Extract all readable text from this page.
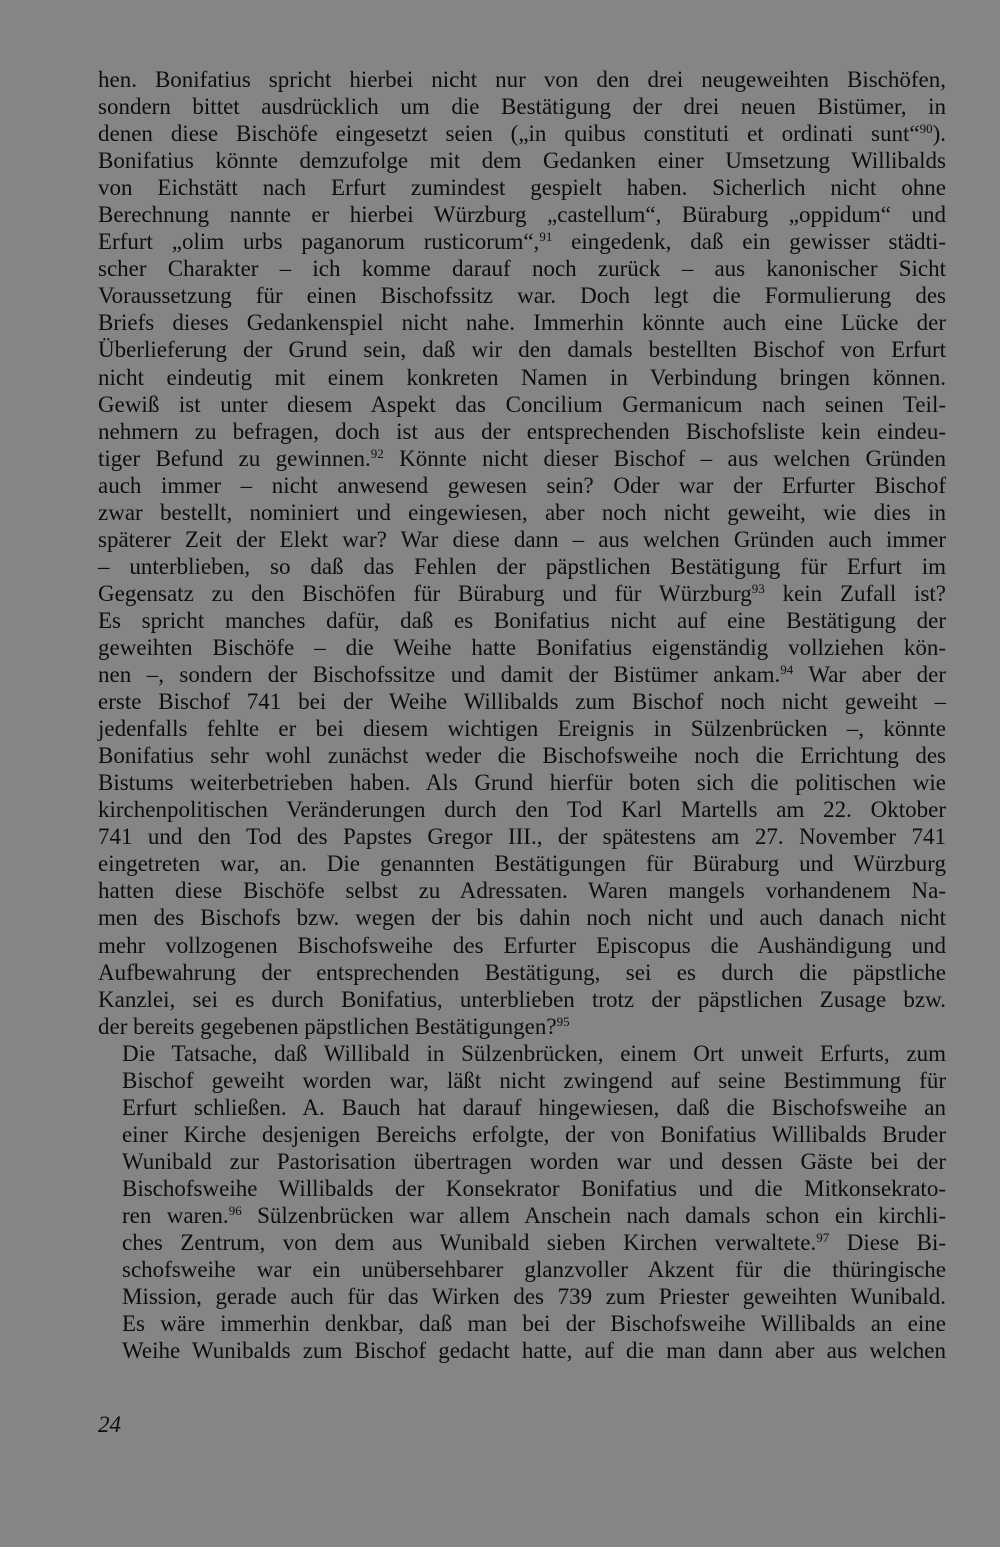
hen. Bonifatius spricht hierbei nicht nur von den drei neugeweihten Bischöfen,
sondern bittet ausdrücklich um die Bestätigung der drei neuen Bistümer, in
denen diese Bischöfe eingesetzt seien („in quibus constituti et ordinati sunt“$^{90}$).
Bonifatius könnte demzufolge mit dem Gedanken einer Umsetzung Willibalds
von Eichstätt nach Erfurt zumindest gespielt haben. Sicherlich nicht ohne
Berechnung nannte er hierbei Würzburg „castellum“, Büraburg „oppidum“ und
Erfurt „olim urbs paganorum rusticorum“,$^{91}$ eingedenk, daß ein gewisser städti-
scher Charakter – ich komme darauf noch zurück – aus kanonischer Sicht
Voraussetzung für einen Bischofssitz war. Doch legt die Formulierung des
Briefs dieses Gedankenspiel nicht nahe. Immerhin könnte auch eine Lücke der
Überlieferung der Grund sein, daß wir den damals bestellten Bischof von Erfurt
nicht eindeutig mit einem konkreten Namen in Verbindung bringen können.
Gewiß ist unter diesem Aspekt das Concilium Germanicum nach seinen Teil-
nehmern zu befragen, doch ist aus der entsprechenden Bischofsliste kein eindeu-
tiger Befund zu gewinnen.$^{92}$ Könnte nicht dieser Bischof – aus welchen Gründen
auch immer – nicht anwesend gewesen sein? Oder war der Erfurter Bischof
zwar bestellt, nominiert und eingewiesen, aber noch nicht geweiht, wie dies in
späterer Zeit der Elekt war? War diese dann – aus welchen Gründen auch immer
– unterblieben, so daß das Fehlen der päpstlichen Bestätigung für Erfurt im
Gegensatz zu den Bischöfen für Büraburg und für Würzburg$^{93}$ kein Zufall ist?
Es spricht manches dafür, daß es Bonifatius nicht auf eine Bestätigung der
geweihten Bischöfe – die Weihe hatte Bonifatius eigenständig vollziehen kön-
nen –, sondern der Bischofssitze und damit der Bistümer ankam.$^{94}$ War aber der
erste Bischof 741 bei der Weihe Willibalds zum Bischof noch nicht geweiht –
jedenfalls fehlte er bei diesem wichtigen Ereignis in Sülzenbrücken –, könnte
Bonifatius sehr wohl zunächst weder die Bischofsweihe noch die Errichtung des
Bistums weiterbetrieben haben. Als Grund hierfür boten sich die politischen wie
kirchenpolitischen Veränderungen durch den Tod Karl Martells am 22. Oktober
741 und den Tod des Papstes Gregor III., der spätestens am 27. November 741
eingetreten war, an. Die genannten Bestätigungen für Büraburg und Würzburg
hatten diese Bischöfe selbst zu Adressaten. Waren mangels vorhandenem Na-
men des Bischofs bzw. wegen der bis dahin noch nicht und auch danach nicht
mehr vollzogenen Bischofsweihe des Erfurter Episcopus die Aushändigung und
Aufbewahrung der entsprechenden Bestätigung, sei es durch die päpstliche
Kanzlei, sei es durch Bonifatius, unterblieben trotz der päpstlichen Zusage bzw.
der bereits gegebenen päpstlichen Bestätigungen?$^{95}$

Die Tatsache, daß Willibald in Sülzenbrücken, einem Ort unweit Erfurts, zum
Bischof geweiht worden war, läßt nicht zwingend auf seine Bestimmung für
Erfurt schließen. A. Bauch hat darauf hingewiesen, daß die Bischofsweihe an
einer Kirche desjenigen Bereichs erfolgte, der von Bonifatius Willibalds Bruder
Wunibald zur Pastorisation übertragen worden war und dessen Gäste bei der
Bischofsweihe Willibalds der Konsekrator Bonifatius und die Mitkonsekrato-
ren waren.$^{96}$ Sülzenbrücken war allem Anschein nach damals schon ein kirchli-
ches Zentrum, von dem aus Wunibald sieben Kirchen verwaltete.$^{97}$ Diese Bi-
schofsweihe war ein unübersehbarer glanzvoller Akzent für die thüringische
Mission, gerade auch für das Wirken des 739 zum Priester geweihten Wunibald.
Es wäre immerhin denkbar, daß man bei der Bischofsweihe Willibalds an eine
Weihe Wunibalds zum Bischof gedacht hatte, auf die man dann aber aus welchen

24
